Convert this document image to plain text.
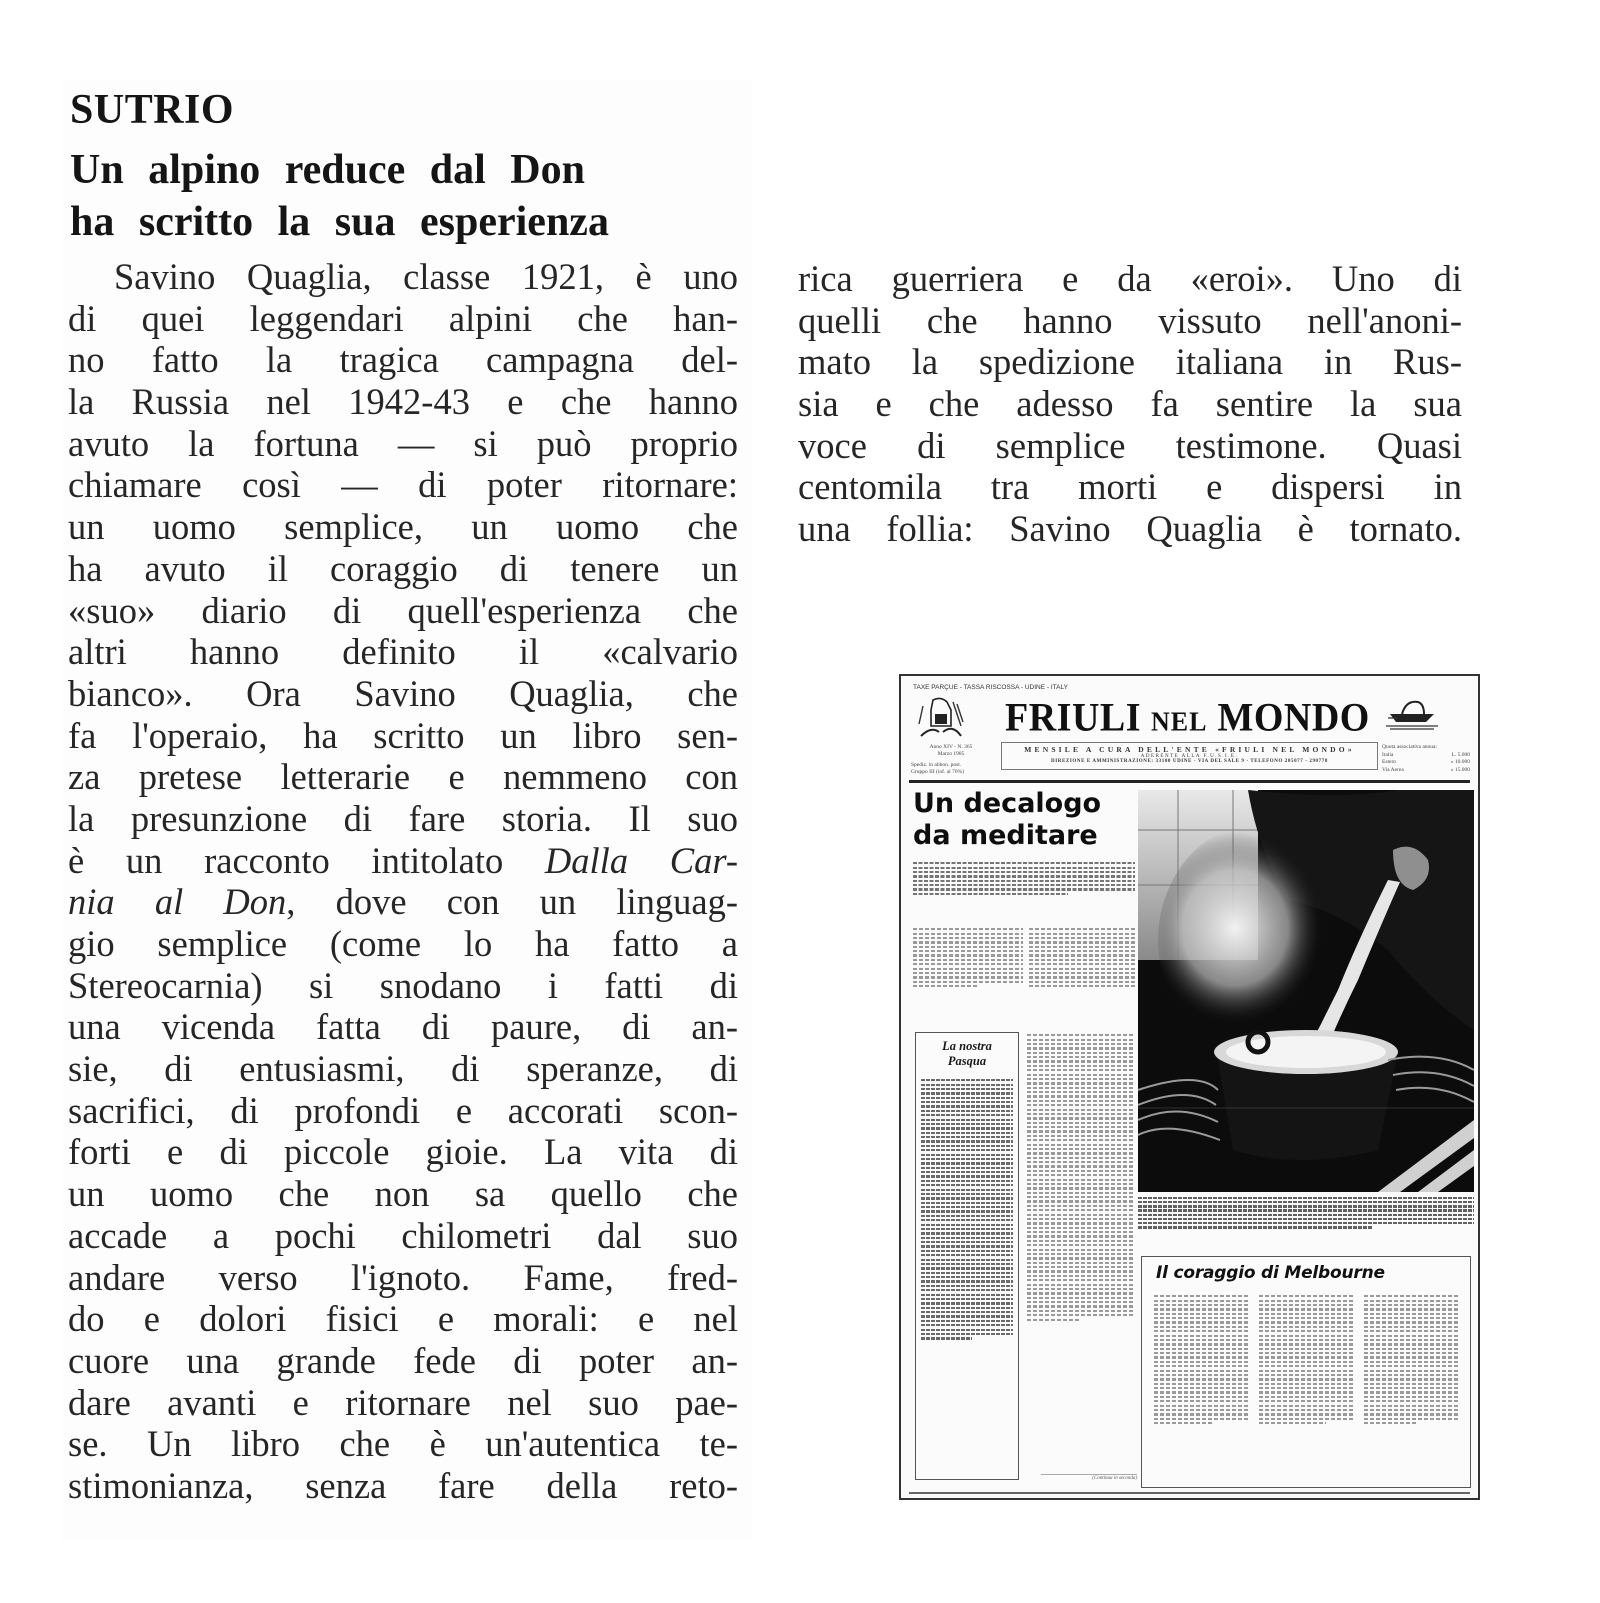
SUTRIO
Un alpino reduce dal Don
ha scritto la sua esperienza
Savino Quaglia, classe 1921, è uno
di quei leggendari alpini che han-
no fatto la tragica campagna del-
la Russia nel 1942-43 e che hanno
avuto la fortuna — si può proprio
chiamare così — di poter ritornare:
un uomo semplice, un uomo che
ha avuto il coraggio di tenere un
«suo» diario di quell'esperienza che
altri hanno definito il «calvario
bianco». Ora Savino Quaglia, che
fa l'operaio, ha scritto un libro sen-
za pretese letterarie e nemmeno con
la presunzione di fare storia. Il suo
è un racconto intitolato Dalla Car-
nia al Don, dove con un linguag-
gio semplice (come lo ha fatto a
Stereocarnia) si snodano i fatti di
una vicenda fatta di paure, di an-
sie, di entusiasmi, di speranze, di
sacrifici, di profondi e accorati scon-
forti e di piccole gioie. La vita di
un uomo che non sa quello che
accade a pochi chilometri dal suo
andare verso l'ignoto. Fame, fred-
do e dolori fisici e morali: e nel
cuore una grande fede di poter an-
dare avanti e ritornare nel suo pae-
se. Un libro che è un'autentica te-
stimonianza, senza fare della reto-
rica guerriera e da «eroi». Uno di
quelli che hanno vissuto nell'anoni-
mato la spedizione italiana in Rus-
sia e che adesso fa sentire la sua
voce di semplice testimone. Quasi
centomila tra morti e dispersi in
una follia: Savino Quaglia è tornato.
TAXE PARÇUE - TASSA RISCOSSA - UDINE - ITALY
FRIULI NEL MONDO
Anno XIV - N. 365
Marzo 1985
Spediz. in abbon. post.
Gruppo III (inf. al 70%)
MENSILE A CURA DELL'ENTE «FRIULI NEL MONDO»
ADERENTE ALLA F.U.S.I.E.
DIREZIONE E AMMINISTRAZIONE: 33100 UDINE - VIA DEL SALE 9 - TELEFONO 205077 - 290778
Quota associativa annua:
Italia	L. 5.000
Estero	» 10.000
Via Aerea	» 15.000
Un decalogo
da meditare
La nostra
Pasqua
(Continua in seconda)
Il coraggio di Melbourne
